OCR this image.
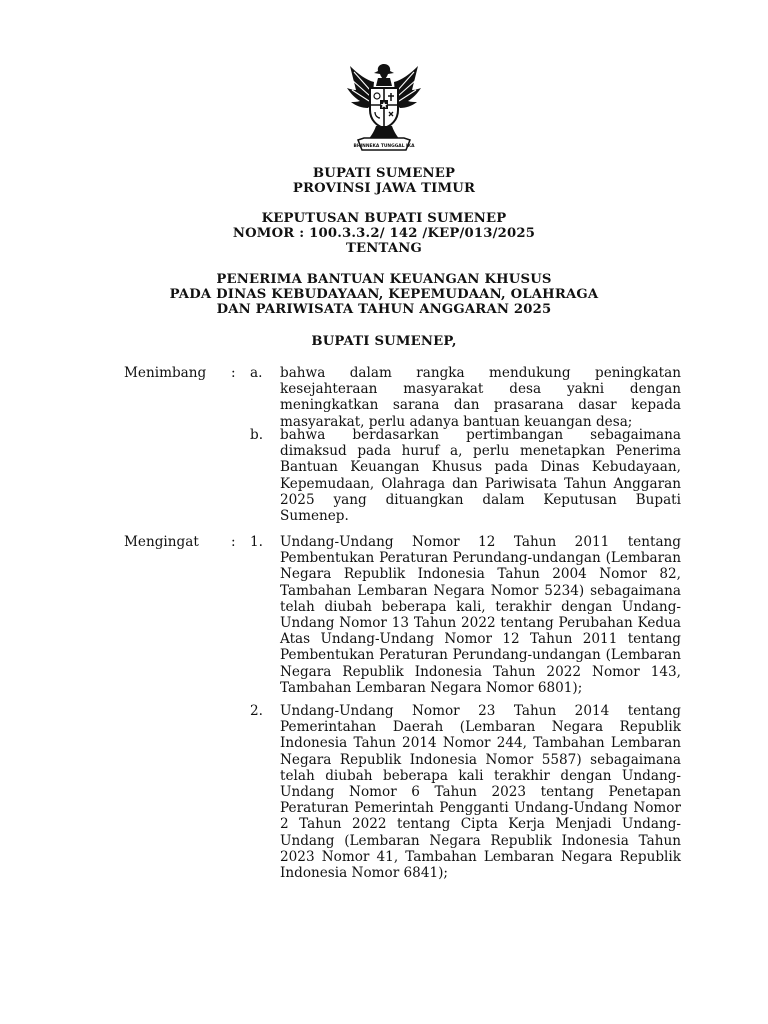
BHINNEKA TUNGGAL IKA
BUPATI SUMENEP
PROVINSI JAWA TIMUR
KEPUTUSAN BUPATI SUMENEP
NOMOR : 100.3.3.2/ 142 /KEP/013/2025
TENTANG
PENERIMA BANTUAN KEUANGAN KHUSUS
PADA DINAS KEBUDAYAAN, KEPEMUDAAN, OLAHRAGA
DAN PARIWISATA TAHUN ANGGARAN 2025
BUPATI SUMENEP,
Menimbang : a. bahwa dalam rangka mendukung peningkatan kesejahteraan masyarakat desa yakni dengan meningkatkan sarana dan prasarana dasar kepada masyarakat, perlu adanya bantuan keuangan desa;
b. bahwa berdasarkan pertimbangan sebagaimana dimaksud pada huruf a, perlu menetapkan Penerima Bantuan Keuangan Khusus pada Dinas Kebudayaan, Kepemudaan, Olahraga dan Pariwisata Tahun Anggaran 2025 yang dituangkan dalam Keputusan Bupati Sumenep.
Mengingat : 1. Undang-Undang Nomor 12 Tahun 2011 tentang Pembentukan Peraturan Perundang-undangan (Lembaran Negara Republik Indonesia Tahun 2004 Nomor 82, Tambahan Lembaran Negara Nomor 5234) sebagaimana telah diubah beberapa kali, terakhir dengan Undang-Undang Nomor 13 Tahun 2022 tentang Perubahan Kedua Atas Undang-Undang Nomor 12 Tahun 2011 tentang Pembentukan Peraturan Perundang-undangan (Lembaran Negara Republik Indonesia Tahun 2022 Nomor 143, Tambahan Lembaran Negara Nomor 6801);
2. Undang-Undang Nomor 23 Tahun 2014 tentang Pemerintahan Daerah (Lembaran Negara Republik Indonesia Tahun 2014 Nomor 244, Tambahan Lembaran Negara Republik Indonesia Nomor 5587) sebagaimana telah diubah beberapa kali terakhir dengan Undang-Undang Nomor 6 Tahun 2023 tentang Penetapan Peraturan Pemerintah Pengganti Undang-Undang Nomor 2 Tahun 2022 tentang Cipta Kerja Menjadi Undang-Undang (Lembaran Negara Republik Indonesia Tahun 2023 Nomor 41, Tambahan Lembaran Negara Republik Indonesia Nomor 6841);
